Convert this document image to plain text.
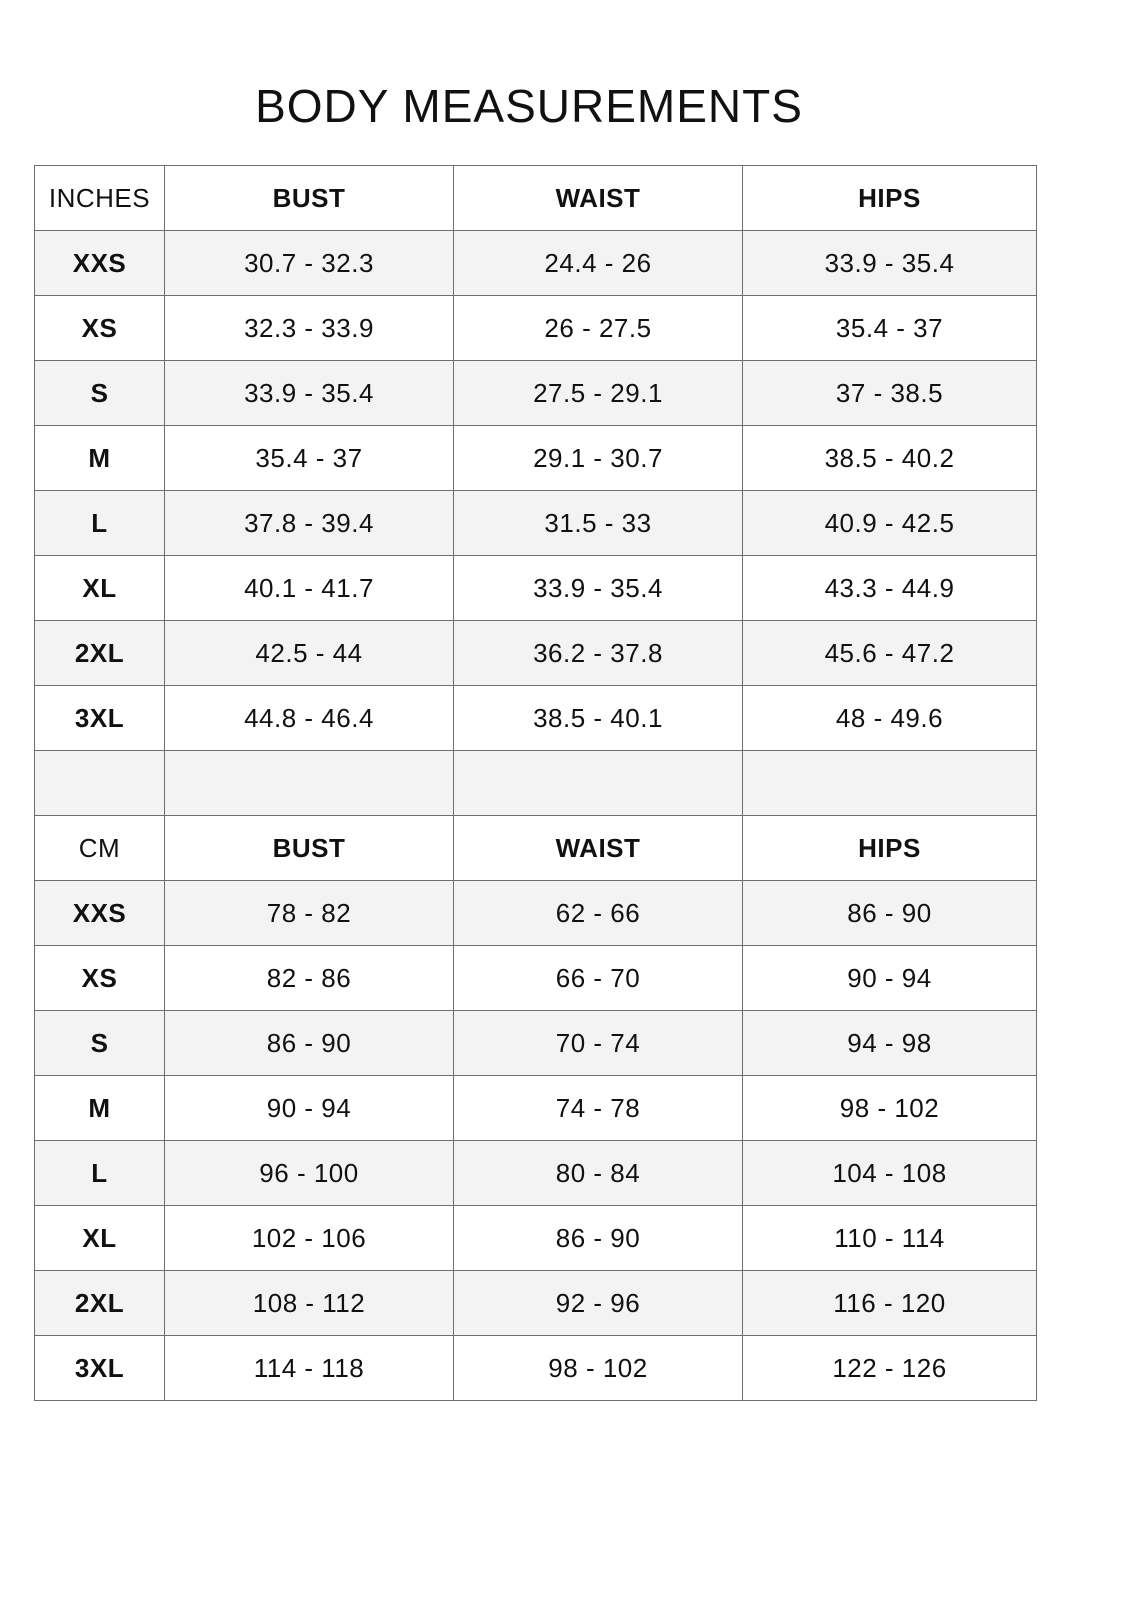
BODY MEASUREMENTS
INCHES	BUST	WAIST	HIPS
XXS	30.7 - 32.3	24.4 - 26	33.9 - 35.4
XS	32.3 - 33.9	26 - 27.5	35.4 - 37
S	33.9 - 35.4	27.5 - 29.1	37 - 38.5
M	35.4 - 37	29.1 - 30.7	38.5 - 40.2
L	37.8 - 39.4	31.5 - 33	40.9 - 42.5
XL	40.1 - 41.7	33.9 - 35.4	43.3 - 44.9
2XL	42.5 - 44	36.2 - 37.8	45.6 - 47.2
3XL	44.8 - 46.4	38.5 - 40.1	48 - 49.6

CM	BUST	WAIST	HIPS
XXS	78 - 82	62 - 66	86 - 90
XS	82 - 86	66 - 70	90 - 94
S	86 - 90	70 - 74	94 - 98
M	90 - 94	74 - 78	98 - 102
L	96 - 100	80 - 84	104 - 108
XL	102 - 106	86 - 90	110 - 114
2XL	108 - 112	92 - 96	116 - 120
3XL	114 - 118	98 - 102	122 - 126
